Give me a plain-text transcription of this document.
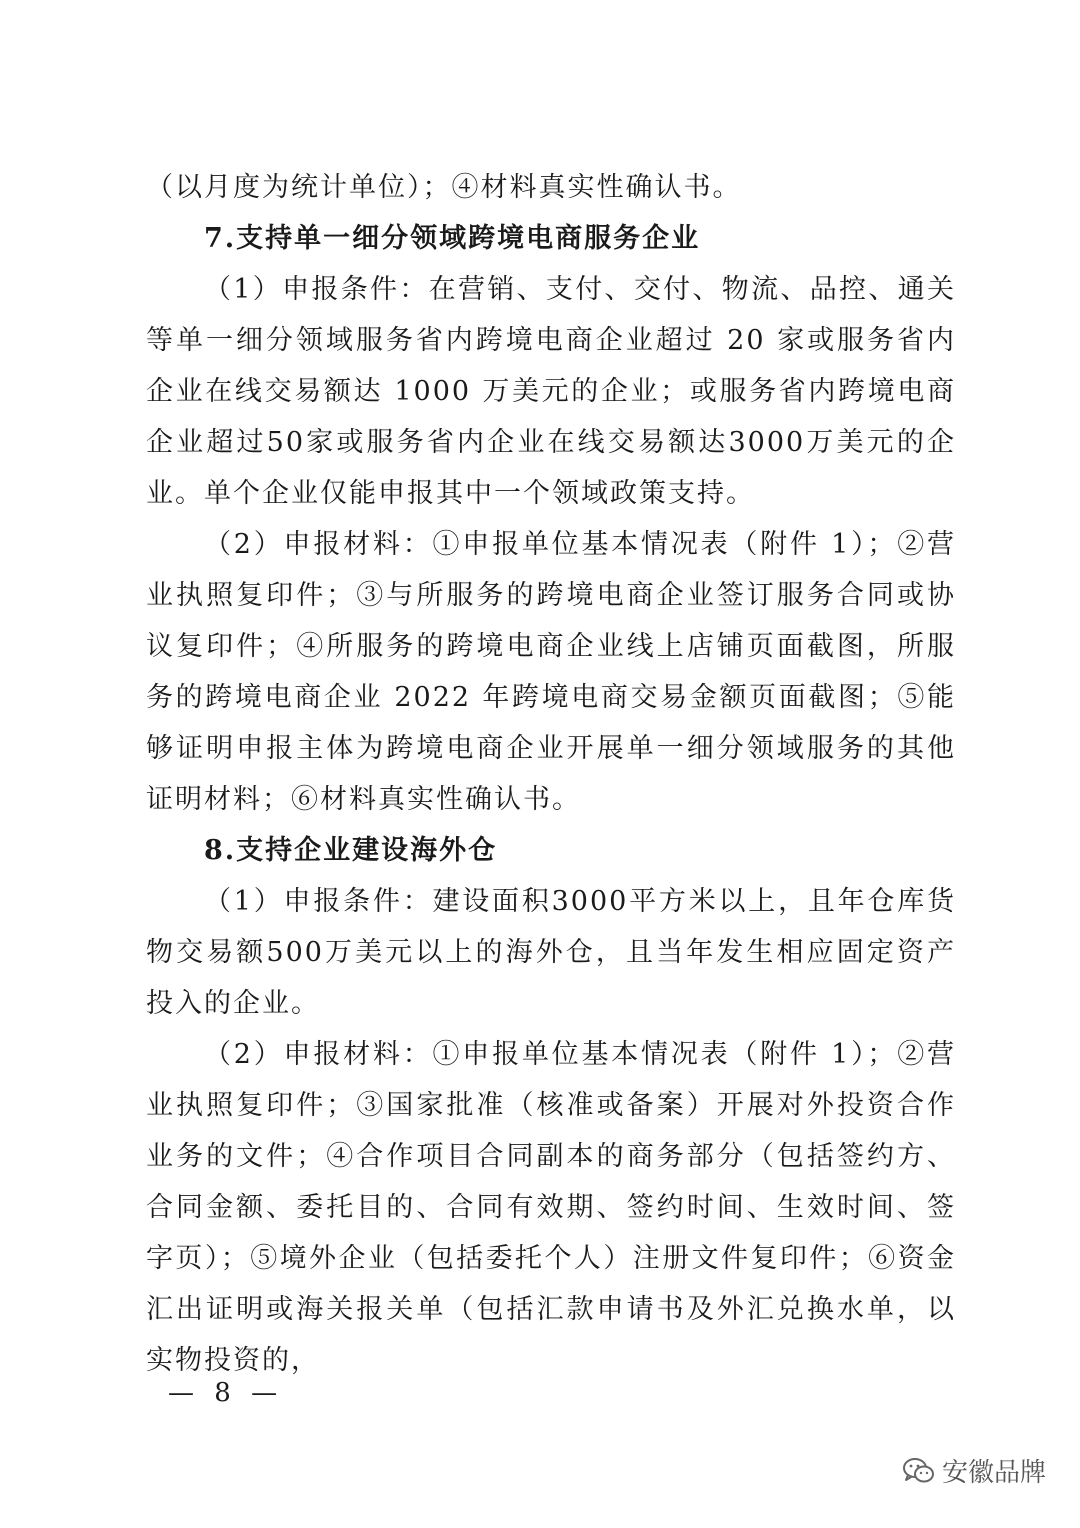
（以月度为统计单位）；④材料真实性确认书。

7.支持单一细分领域跨境电商服务企业

（1）申报条件：在营销、支付、交付、物流、品控、通关等单一细分领域服务省内跨境电商企业超过 20 家或服务省内企业在线交易额达 1000 万美元的企业；或服务省内跨境电商企业超过50家或服务省内企业在线交易额达3000万美元的企业。单个企业仅能申报其中一个领域政策支持。

（2）申报材料：①申报单位基本情况表（附件 1）；②营业执照复印件；③与所服务的跨境电商企业签订服务合同或协议复印件；④所服务的跨境电商企业线上店铺页面截图，所服务的跨境电商企业 2022 年跨境电商交易金额页面截图；⑤能够证明申报主体为跨境电商企业开展单一细分领域服务的其他证明材料；⑥材料真实性确认书。

8.支持企业建设海外仓

（1）申报条件：建设面积3000平方米以上，且年仓库货物交易额500万美元以上的海外仓，且当年发生相应固定资产投入的企业。

（2）申报材料：①申报单位基本情况表（附件 1）；②营业执照复印件；③国家批准（核准或备案）开展对外投资合作业务的文件；④合作项目合同副本的商务部分（包括签约方、合同金额、委托目的、合同有效期、签约时间、生效时间、签字页）；⑤境外企业（包括委托个人）注册文件复印件；⑥资金汇出证明或海关报关单（包括汇款申请书及外汇兑换水单，以实物投资的，

— 8 —
安徽品牌
